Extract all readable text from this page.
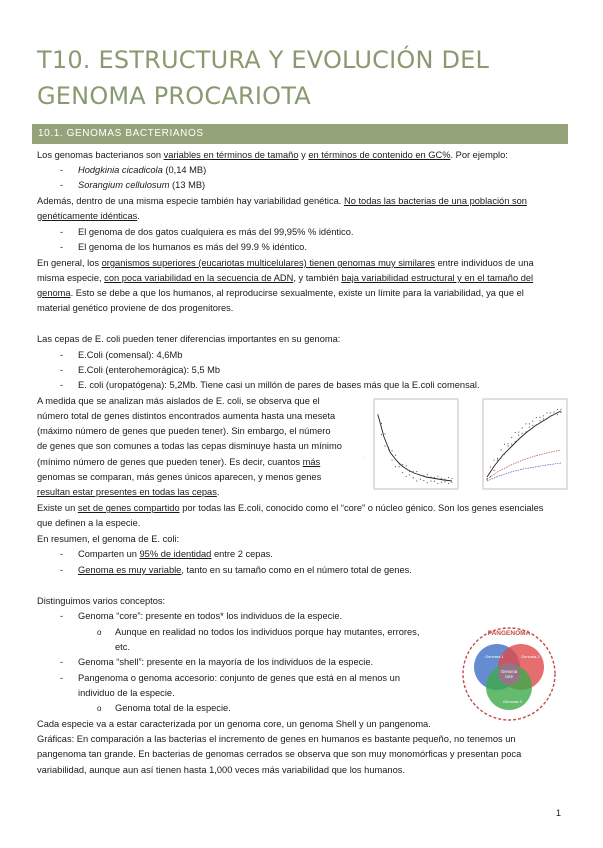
T10. ESTRUCTURA Y EVOLUCIÓN DEL
GENOMA PROCARIOTA
10.1. GENOMAS BACTERIANOS
Los genomas bacterianos son variables en términos de tamaño y en términos de contenido en GC%. Por ejemplo:
- Hodgkinia cicadicola (0,14 MB)
- Sorangium cellulosum (13 MB)
Además, dentro de una misma especie también hay variabilidad genética. No todas las bacterias de una población son
genéticamente idénticas.
- El genoma de dos gatos cualquiera es más del 99,95% % idéntico.
- El genoma de los humanos es más del 99.9 % idéntico.
En general, los organismos superiores (eucariotas multicelulares) tienen genomas muy similares entre individuos de una
misma especie, con poca variabilidad en la secuencia de ADN, y también baja variabilidad estructural y en el tamaño del
genoma. Esto se debe a que los humanos, al reproducirse sexualmente, existe un límite para la variabilidad, ya que el
material genético proviene de dos progenitores.
Las cepas de E. coli pueden tener diferencias importantes en su genoma:
- E.Coli (comensal): 4,6Mb
- E.Coli (enterohemorágica): 5,5 Mb
- E. coli (uropatógena): 5,2Mb. Tiene casi un millón de pares de bases más que la E.coli comensal.
A medida que se analizan más aislados de E. coli, se observa que el
número total de genes distintos encontrados aumenta hasta una meseta
(máximo número de genes que pueden tener). Sin embargo, el número
de genes que son comunes a todas las cepas disminuye hasta un mínimo
(mínimo número de genes que pueden tener). Es decir, cuantos más
genomas se comparan, más genes únicos aparecen, y menos genes
resultan estar presentes en todas las cepas.
·
Existe un set de genes compartido por todas las E.coli, conocido como el “core” o núcleo génico. Son los genes esenciales
que definen a la especie.
En resumen, el genoma de E. coli:
- Comparten un 95% de identidad entre 2 cepas.
- Genoma es muy variable, tanto en su tamaño como en el número total de genes.
Distinguimos varios conceptos:
- Genoma “core”: presente en todos* los individuos de la especie.
o Aunque en realidad no todos los individuos porque hay mutantes, errores,
etc.
- Genoma “shell”: presente en la mayoría de los individuos de la especie.
- Pangenoma o genoma accesorio: conjunto de genes que está en al menos un
individuo de la especie.
o Genoma total de la especie.
PANGENOMA
Genoma 1	Genoma 2
Genoma 3
Genoma
core
Cada especie va a estar caracterizada por un genoma core, un genoma Shell y un pangenoma.
Gráficas: En comparación a las bacterias el incremento de genes en humanos es bastante pequeño, no tenemos un
pangenoma tan grande. En bacterias de genomas cerrados se observa que son muy monomórficas y presentan poca
variabilidad, aunque aun así tienen hasta 1,000 veces más variabilidad que los humanos.
1
